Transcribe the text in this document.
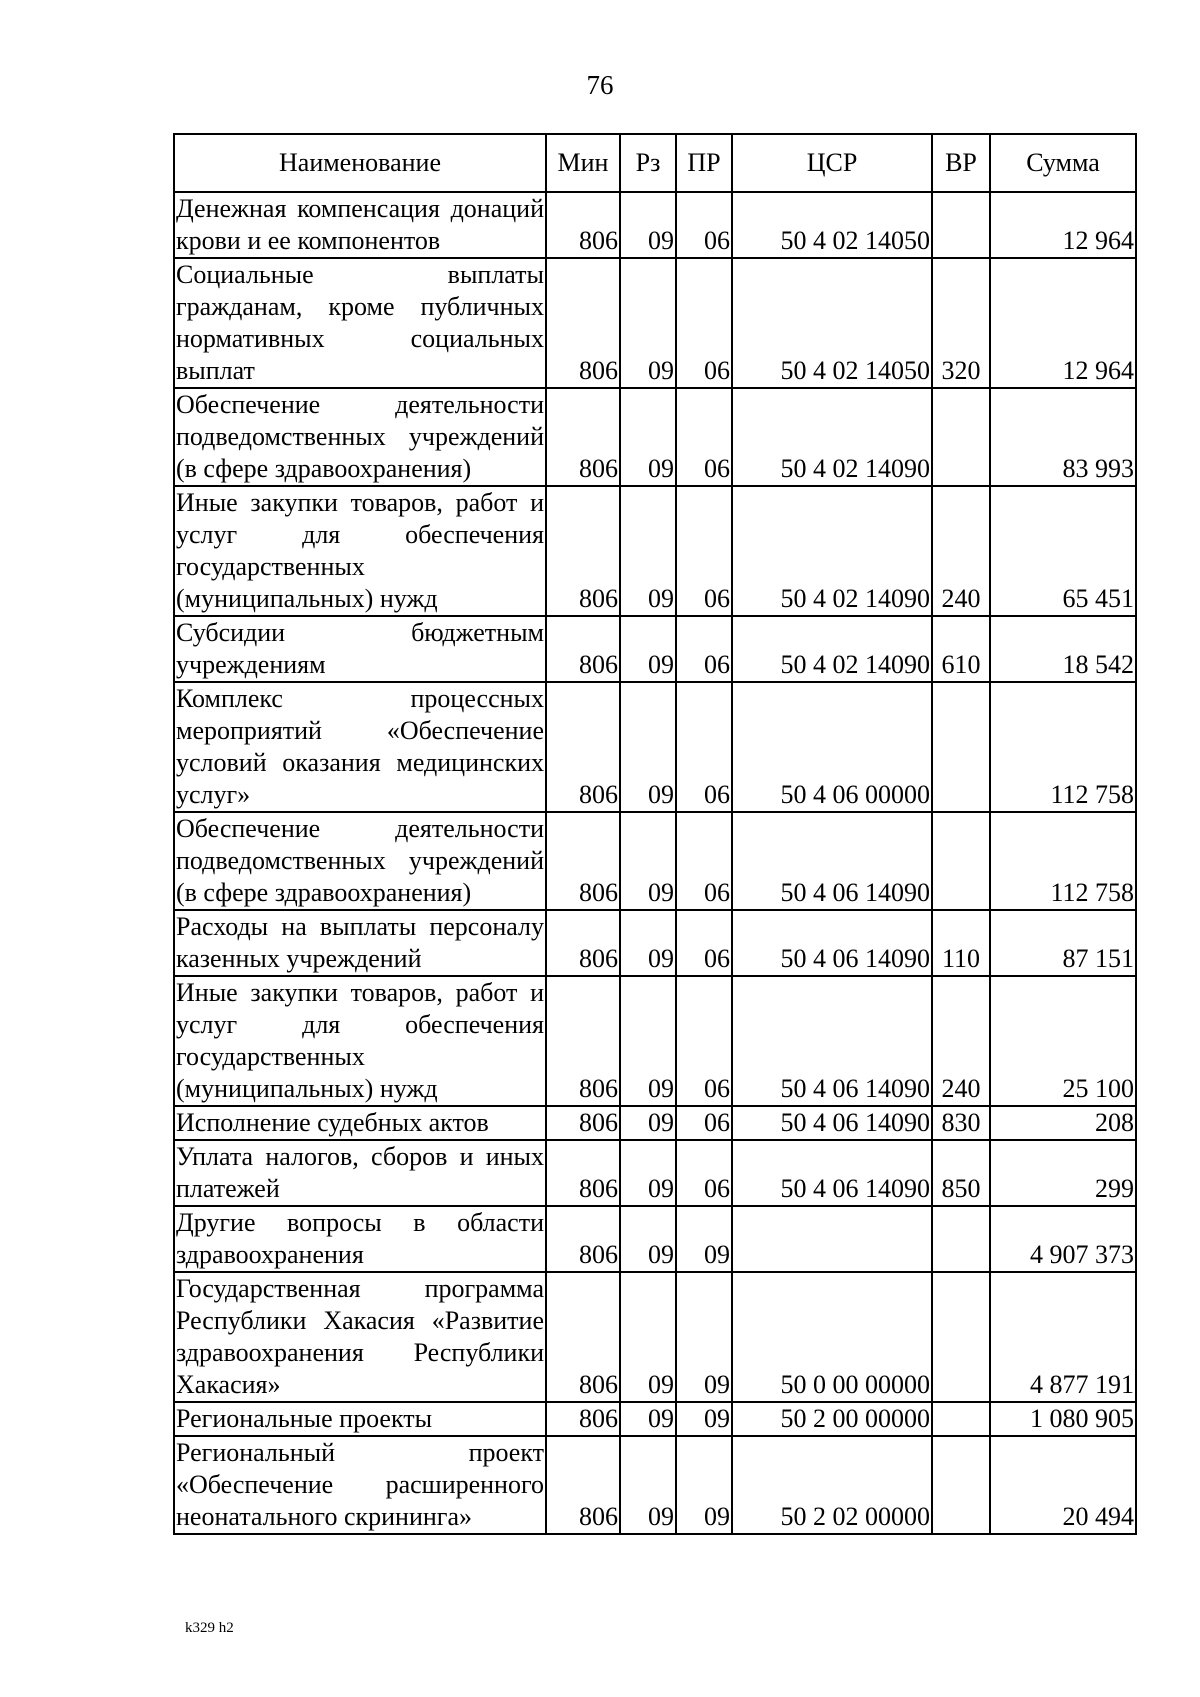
76
Наименование	Мин	Рз	ПР	ЦСР	ВР	Сумма
Денежная компенсация донаций крови и ее компонентов	806	09	06	50 4 02 14050		12 964
Социальные выплаты гражданам, кроме публичных нормативных социальных выплат	806	09	06	50 4 02 14050	320	12 964
Обеспечение деятельности подведомственных учреждений (в сфере здравоохранения)	806	09	06	50 4 02 14090		83 993
Иные закупки товаров, работ и услуг для обеспечения государственных (муниципальных) нужд	806	09	06	50 4 02 14090	240	65 451
Субсидии бюджетным учреждениям	806	09	06	50 4 02 14090	610	18 542
Комплекс процессных мероприятий «Обеспечение условий оказания медицинских услуг»	806	09	06	50 4 06 00000		112 758
Обеспечение деятельности подведомственных учреждений (в сфере здравоохранения)	806	09	06	50 4 06 14090		112 758
Расходы на выплаты персоналу казенных учреждений	806	09	06	50 4 06 14090	110	87 151
Иные закупки товаров, работ и услуг для обеспечения государственных (муниципальных) нужд	806	09	06	50 4 06 14090	240	25 100
Исполнение судебных актов	806	09	06	50 4 06 14090	830	208
Уплата налогов, сборов и иных платежей	806	09	06	50 4 06 14090	850	299
Другие вопросы в области здравоохранения	806	09	09			4 907 373
Государственная программа Республики Хакасия «Развитие здравоохранения Республики Хакасия»	806	09	09	50 0 00 00000		4 877 191
Региональные проекты	806	09	09	50 2 00 00000		1 080 905
Региональный проект «Обеспечение расширенного неонатального скрининга»	806	09	09	50 2 02 00000		20 494
k329 h2
